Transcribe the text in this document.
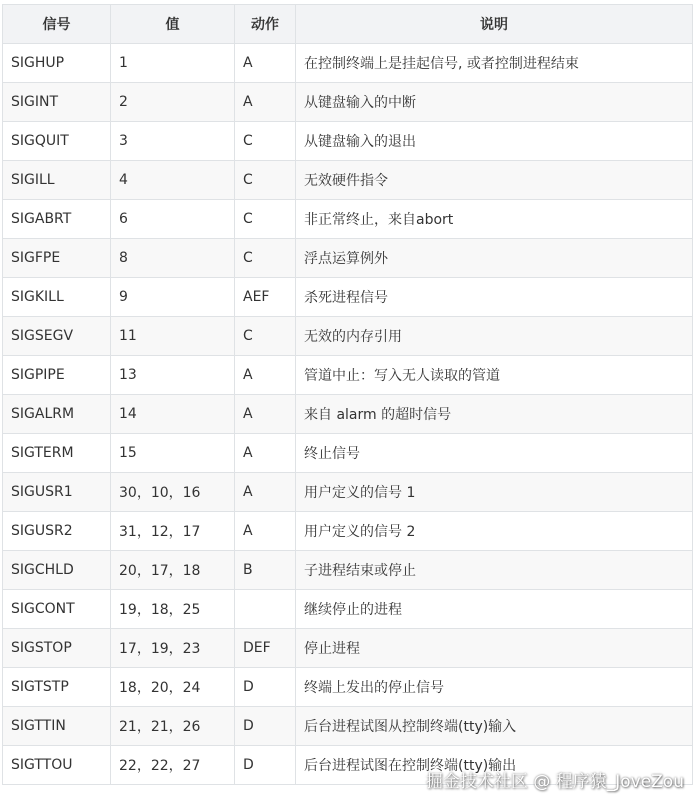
信号	值	动作	说明
SIGHUP	1	A	在控制终端上是挂起信号, 或者控制进程结束
SIGINT	2	A	从键盘输入的中断
SIGQUIT	3	C	从键盘输入的退出
SIGILL	4	C	无效硬件指令
SIGABRT	6	C	非正常终止，来自abort
SIGFPE	8	C	浮点运算例外
SIGKILL	9	AEF	杀死进程信号
SIGSEGV	11	C	无效的内存引用
SIGPIPE	13	A	管道中止：写入无人读取的管道
SIGALRM	14	A	来自 alarm 的超时信号
SIGTERM	15	A	终止信号
SIGUSR1	30，10，16	A	用户定义的信号 1
SIGUSR2	31，12，17	A	用户定义的信号 2
SIGCHLD	20，17，18	B	子进程结束或停止
SIGCONT	19，18，25		继续停止的进程
SIGSTOP	17，19，23	DEF	停止进程
SIGTSTP	18，20，24	D	终端上发出的停止信号
SIGTTIN	21，21，26	D	后台进程试图从控制终端(tty)输入
SIGTTOU	22，22，27	D	后台进程试图在控制终端(tty)输出
掘金技术社区 @ 程序猿_JoveZou
